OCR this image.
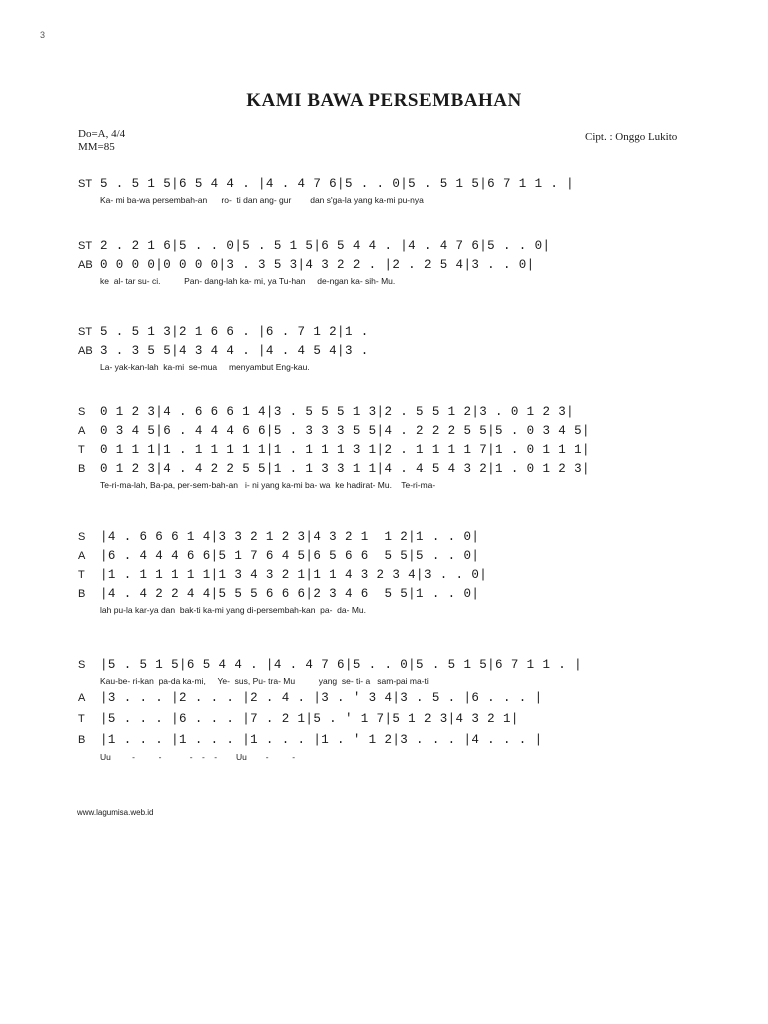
3
KAMI BAWA PERSEMBAHAN
Do=A, 4/4
MM=85
Cipt. : Onggo Lukito
ST 5 . 5 1 5|6 5 4 4 . |4 . 4 7 6|5 . . 0|5 . 5 1 5|6 7 1 1 . |
Ka- mi ba-wa persembah-an      ro-  ti dan ang- gur        dan s'ga-la yang ka-mi pu-nya
ST 2 . 2 1 6|5 . . 0|5 . 5 1 5|6 5 4 4 . |4 . 4 7 6|5 . . 0|
AB 0 0 0 0|0 0 0 0|3 . 3 5 3|4 3 2 2 . |2 . 2 5 4|3 . . 0|
ke  al- tar su- ci.          Pan- dang-lah ka- mi, ya Tu-han     de-ngan ka- sih- Mu.
ST 5 . 5 1 3|2 1 6 6 . |6 . 7 1 2|1 .
AB 3 . 3 5 5|4 3 4 4 . |4 . 4 5 4|3 .
La- yak-kan-lah  ka-mi  se-mua     menyambut Eng-kau.
S	0 1 2 3|4 . 6 6 6 1 4|3 . 5 5 5 1 3|2 . 5 5 1 2|3 . 0 1 2 3|
A	0 3 4 5|6 . 4 4 4 6 6|5 . 3 3 3 5 5|4 . 2 2 2 5 5|5 . 0 3 4 5|
T	0 1 1 1|1 . 1 1 1 1 1|1 . 1 1 1 3 1|2 . 1 1 1 1 7|1 . 0 1 1 1|
B	0 1 2 3|4 . 4 2 2 5 5|1 . 1 3 3 1 1|4 . 4 5 4 3 2|1 . 0 1 2 3|
Te-ri-ma-lah, Ba-pa, per-sem-bah-an   i- ni yang ka-mi ba- wa  ke hadirat- Mu.    Te-ri-ma-
S	|4 . 6 6 6 1 4|3 3 2 1 2 3|4 3 2 1  1 2|1 . . 0|
A	|6 . 4 4 4 6 6|5 1 7 6 4 5|6 5 6 6  5 5|5 . . 0|
T	|1 . 1 1 1 1 1|1 3 4 3 2 1|1 1 4 3 2 3 4|3 . . 0|
B	|4 . 4 2 2 4 4|5 5 5 6 6 6|2 3 4 6  5 5|1 . . 0|
lah pu-la kar-ya dan  bak-ti ka-mi yang di-persembah-kan  pa-  da- Mu.
S	|5 . 5 1 5|6 5 4 4 . |4 . 4 7 6|5 . . 0|5 . 5 1 5|6 7 1 1 . |
Kau-be- ri-kan  pa-da ka-mi,     Ye-  sus, Pu- tra- Mu          yang  se- ti- a   sam-pai ma-ti
A	|3 . . . |2 . . . |2 . 4 . |3 . ' 3 4|3 . 5 . |6 . . . |
T	|5 . . . |6 . . . |7 . 2 1|5 . ' 1 7|5 1 2 3|4 3 2 1|
B	|1 . . . |1 . . . |1 . . . |1 . ' 1 2|3 . . . |4 . . . |
Uu         -          -            -    -    -        Uu        -          -
www.lagumisa.web.id
